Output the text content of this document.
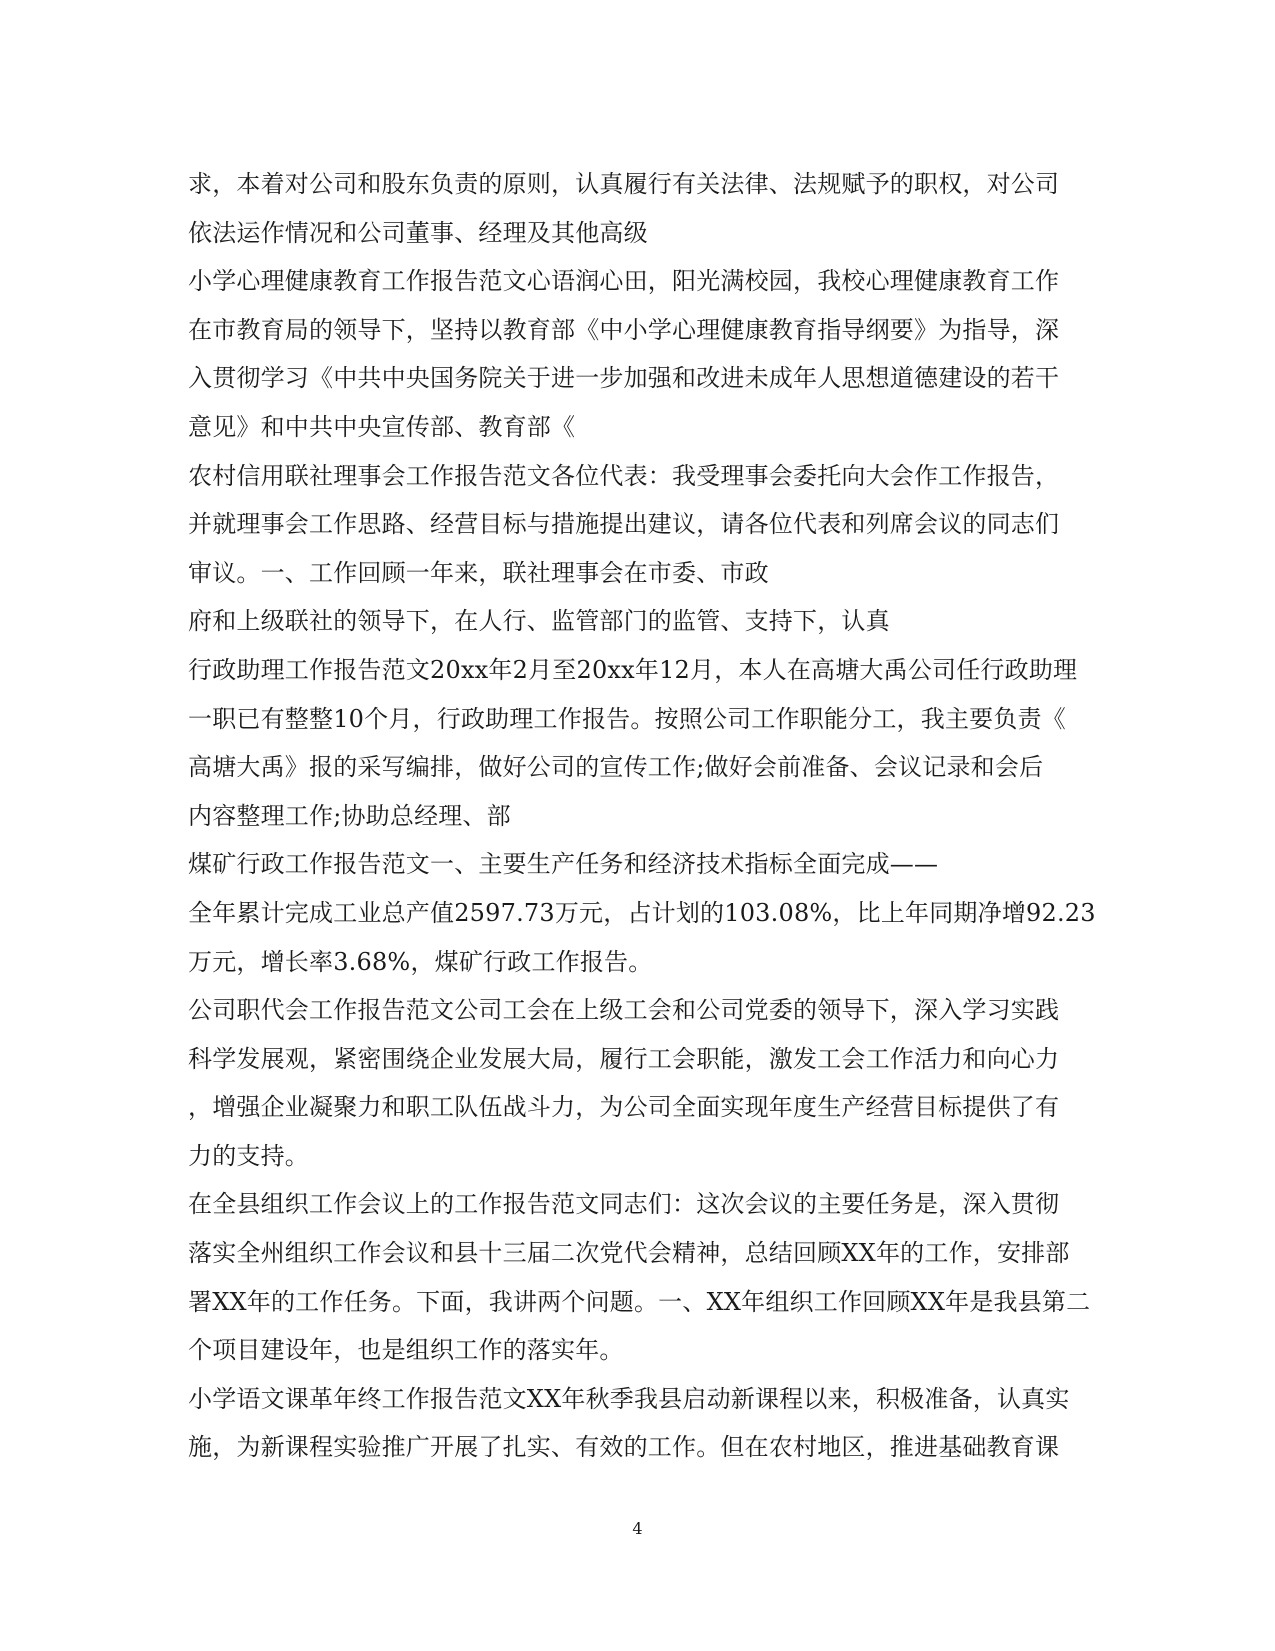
求，本着对公司和股东负责的原则，认真履行有关法律、法规赋予的职权，对公司
依法运作情况和公司董事、经理及其他高级
小学心理健康教育工作报告范文心语润心田，阳光满校园，我校心理健康教育工作
在市教育局的领导下，坚持以教育部《中小学心理健康教育指导纲要》为指导，深
入贯彻学习《中共中央国务院关于进一步加强和改进未成年人思想道德建设的若干
意见》和中共中央宣传部、教育部《
农村信用联社理事会工作报告范文各位代表：我受理事会委托向大会作工作报告，
并就理事会工作思路、经营目标与措施提出建议，请各位代表和列席会议的同志们
审议。一、工作回顾一年来，联社理事会在市委、市政
府和上级联社的领导下，在人行、监管部门的监管、支持下，认真
行政助理工作报告范文20xx年2月至20xx年12月，本人在高塘大禹公司任行政助理
一职已有整整10个月，行政助理工作报告。按照公司工作职能分工，我主要负责《
高塘大禹》报的采写编排，做好公司的宣传工作;做好会前准备、会议记录和会后
内容整理工作;协助总经理、部
煤矿行政工作报告范文一、主要生产任务和经济技术指标全面完成——
全年累计完成工业总产值2597.73万元，占计划的103.08%，比上年同期净增92.23
万元，增长率3.68%，煤矿行政工作报告。
公司职代会工作报告范文公司工会在上级工会和公司党委的领导下，深入学习实践
科学发展观，紧密围绕企业发展大局，履行工会职能，激发工会工作活力和向心力
，增强企业凝聚力和职工队伍战斗力，为公司全面实现年度生产经营目标提供了有
力的支持。
在全县组织工作会议上的工作报告范文同志们：这次会议的主要任务是，深入贯彻
落实全州组织工作会议和县十三届二次党代会精神，总结回顾XX年的工作，安排部
署XX年的工作任务。下面，我讲两个问题。一、XX年组织工作回顾XX年是我县第二
个项目建设年，也是组织工作的落实年。
小学语文课革年终工作报告范文XX年秋季我县启动新课程以来，积极准备，认真实
施，为新课程实验推广开展了扎实、有效的工作。但在农村地区，推进基础教育课
4
